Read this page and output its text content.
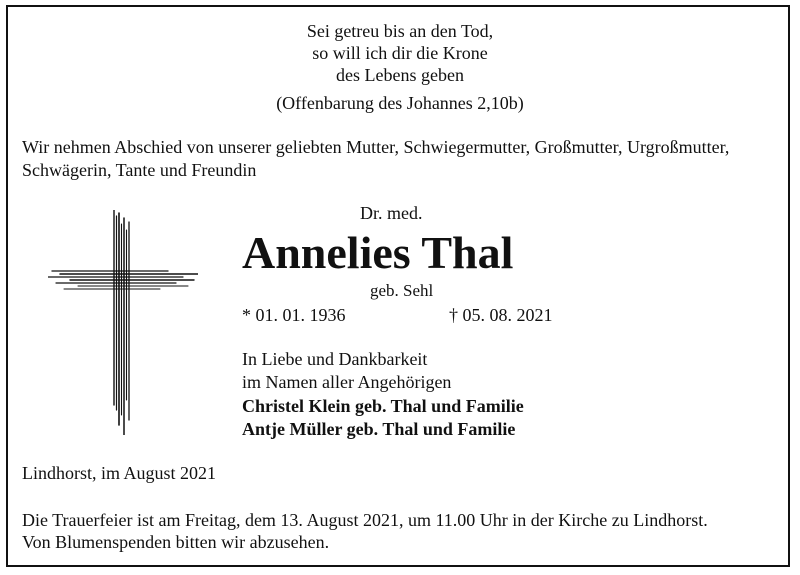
Sei getreu bis an den Tod,
so will ich dir die Krone
des Lebens geben
(Offenbarung des Johannes 2,10b)
Wir nehmen Abschied von unserer geliebten Mutter, Schwiegermutter, Großmutter, Urgroßmutter, Schwägerin, Tante und Freundin
Dr. med.
Annelies Thal
geb. Sehl
* 01. 01. 1936	† 05. 08. 2021
In Liebe und Dankbarkeit
im Namen aller Angehörigen
Christel Klein geb. Thal und Familie
Antje Müller geb. Thal und Familie
Lindhorst, im August 2021
Die Trauerfeier ist am Freitag, dem 13. August 2021, um 11.00 Uhr in der Kirche zu Lindhorst.
Von Blumenspenden bitten wir abzusehen.
